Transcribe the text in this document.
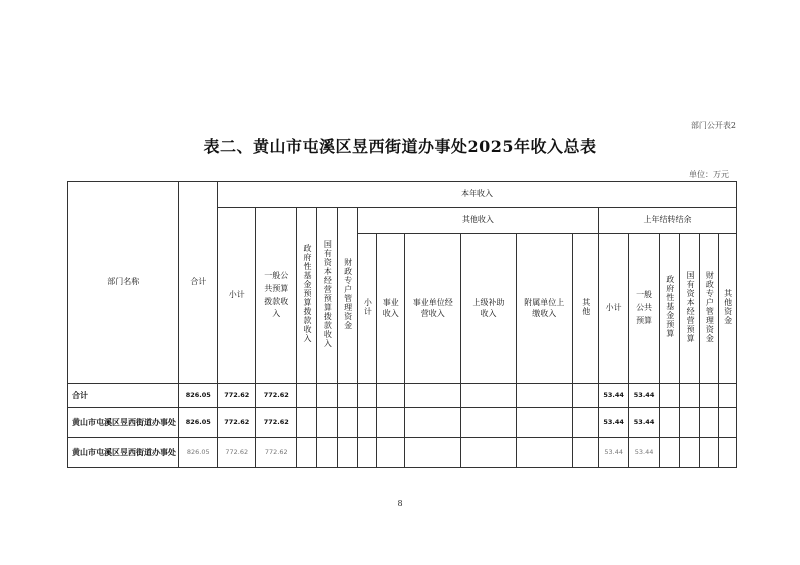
部门公开表2
表二、黄山市屯溪区昱西街道办事处2025年收入总表
单位：万元
部门名称	合计	本年收入																
		小计	一般公共预算拨款收入	政府性基金预算拨款收入	国有资本经营预算拨款收入	财政专户管理资金	其他收入						上年结转结余					
							小计	事业收入	事业单位经营收入	上级补助收入	附属单位上缴收入	其他	小计	一般公共预算	政府性基金预算	国有资本经营预算	财政专户管理资金	其他资金
合计	826.05	772.62	772.62										53.44	53.44				
黄山市屯溪区昱西街道办事处	826.05	772.62	772.62										53.44	53.44				
黄山市屯溪区昱西街道办事处	826.05	772.62	772.62										53.44	53.44				
8
